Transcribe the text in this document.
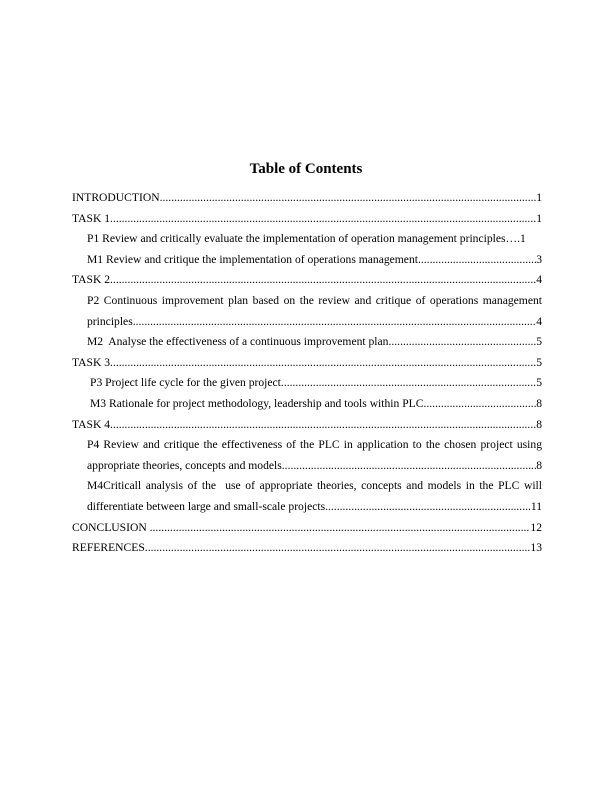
Table of Contents
INTRODUCTION .....	1
TASK 1 .....	1
P1 Review and critically evaluate the implementation of operation management principles…. 1
M1 Review and critique the implementation of operations management .....	3
TASK 2 .....	4
P2 Continuous improvement plan based on the review and critique of operations management
principles .....	4
M2  Analyse the effectiveness of a continuous improvement plan .....	5
TASK 3 .....	5
P3 Project life cycle for the given project .....	5
M3 Rationale for project methodology, leadership and tools within PLC .....	8
TASK 4 .....	8
P4 Review and critique the effectiveness of the PLC in application to the chosen project using
appropriate theories, concepts and models .....	8
M4Criticall analysis of the  use of appropriate theories, concepts and models in the PLC will
differentiate between large and small-scale projects .....	11
CONCLUSION .....	12
REFERENCES .....	13
